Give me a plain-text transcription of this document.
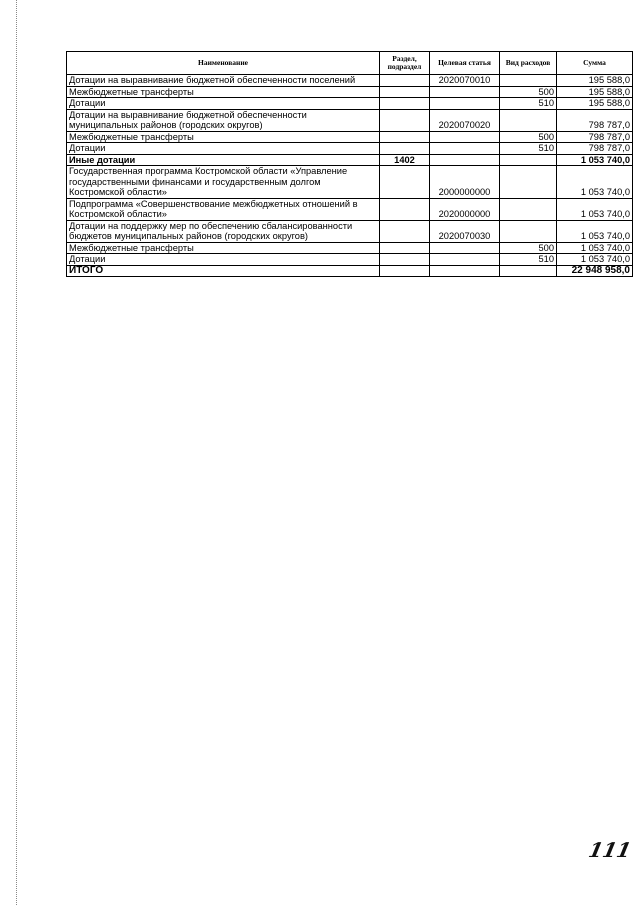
Наименование	Раздел, подраздел	Целевая статья	Вид расходов	Сумма
Дотации на выравнивание бюджетной обеспеченности поселений		2020070010		195 588,0
Межбюджетные трансферты			500	195 588,0
Дотации			510	195 588,0
Дотации на выравнивание бюджетной обеспеченности муниципальных районов (городских округов)		2020070020		798 787,0
Межбюджетные трансферты			500	798 787,0
Дотации			510	798 787,0
Иные дотации	1402			1 053 740,0
Государственная программа Костромской области «Управление государственными финансами и государственным долгом Костромской области»		2000000000		1 053 740,0
Подпрограмма «Совершенствование межбюджетных отношений в Костромской области»		2020000000		1 053 740,0
Дотации на поддержку мер по обеспечению сбалансированности бюджетов муниципальных районов (городских округов)		2020070030		1 053 740,0
Межбюджетные трансферты			500	1 053 740,0
Дотации			510	1 053 740,0
ИТОГО				22 948 958,0
111
